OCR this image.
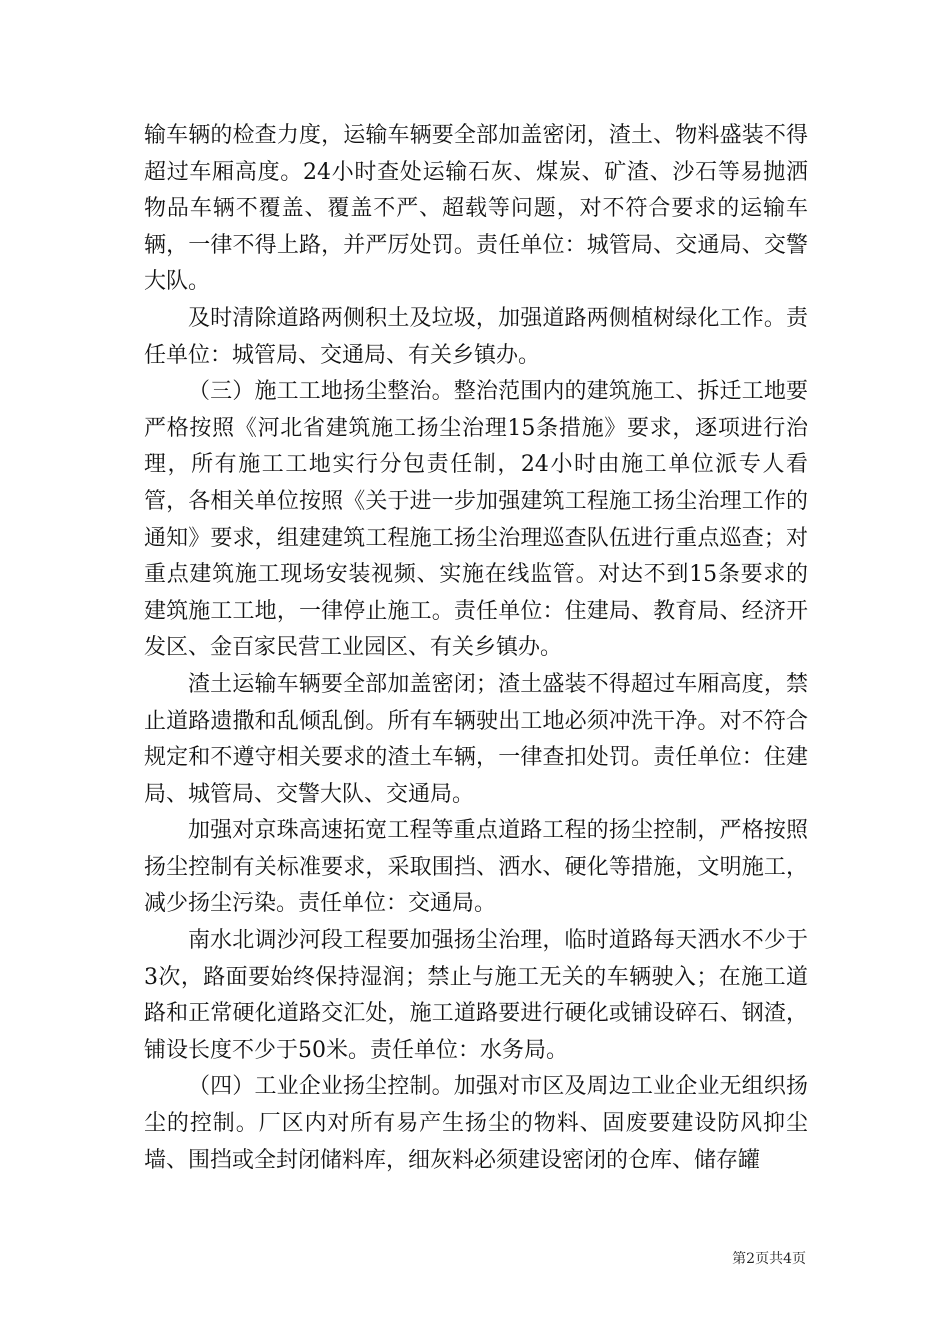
输车辆的检查力度，运输车辆要全部加盖密闭，渣土、物料盛装不得超过车厢高度。24小时查处运输石灰、煤炭、矿渣、沙石等易抛洒物品车辆不覆盖、覆盖不严、超载等问题，对不符合要求的运输车辆，一律不得上路，并严厉处罚。责任单位：城管局、交通局、交警大队。

及时清除道路两侧积土及垃圾，加强道路两侧植树绿化工作。责任单位：城管局、交通局、有关乡镇办。

（三）施工工地扬尘整治。整治范围内的建筑施工、拆迁工地要严格按照《河北省建筑施工扬尘治理15条措施》要求，逐项进行治理，所有施工工地实行分包责任制，24小时由施工单位派专人看管，各相关单位按照《关于进一步加强建筑工程施工扬尘治理工作的通知》要求，组建建筑工程施工扬尘治理巡查队伍进行重点巡查；对重点建筑施工现场安装视频、实施在线监管。对达不到15条要求的建筑施工工地，一律停止施工。责任单位：住建局、教育局、经济开发区、金百家民营工业园区、有关乡镇办。

渣土运输车辆要全部加盖密闭；渣土盛装不得超过车厢高度，禁止道路遗撒和乱倾乱倒。所有车辆驶出工地必须冲洗干净。对不符合规定和不遵守相关要求的渣土车辆，一律查扣处罚。责任单位：住建局、城管局、交警大队、交通局。

加强对京珠高速拓宽工程等重点道路工程的扬尘控制，严格按照扬尘控制有关标准要求，采取围挡、洒水、硬化等措施，文明施工，减少扬尘污染。责任单位：交通局。

南水北调沙河段工程要加强扬尘治理，临时道路每天洒水不少于3次，路面要始终保持湿润；禁止与施工无关的车辆驶入；在施工道路和正常硬化道路交汇处，施工道路要进行硬化或铺设碎石、钢渣，铺设长度不少于50米。责任单位：水务局。

（四）工业企业扬尘控制。加强对市区及周边工业企业无组织扬尘的控制。厂区内对所有易产生扬尘的物料、固废要建设防风抑尘墙、围挡或全封闭储料库，细灰料必须建设密闭的仓库、储存罐

第2页共4页
